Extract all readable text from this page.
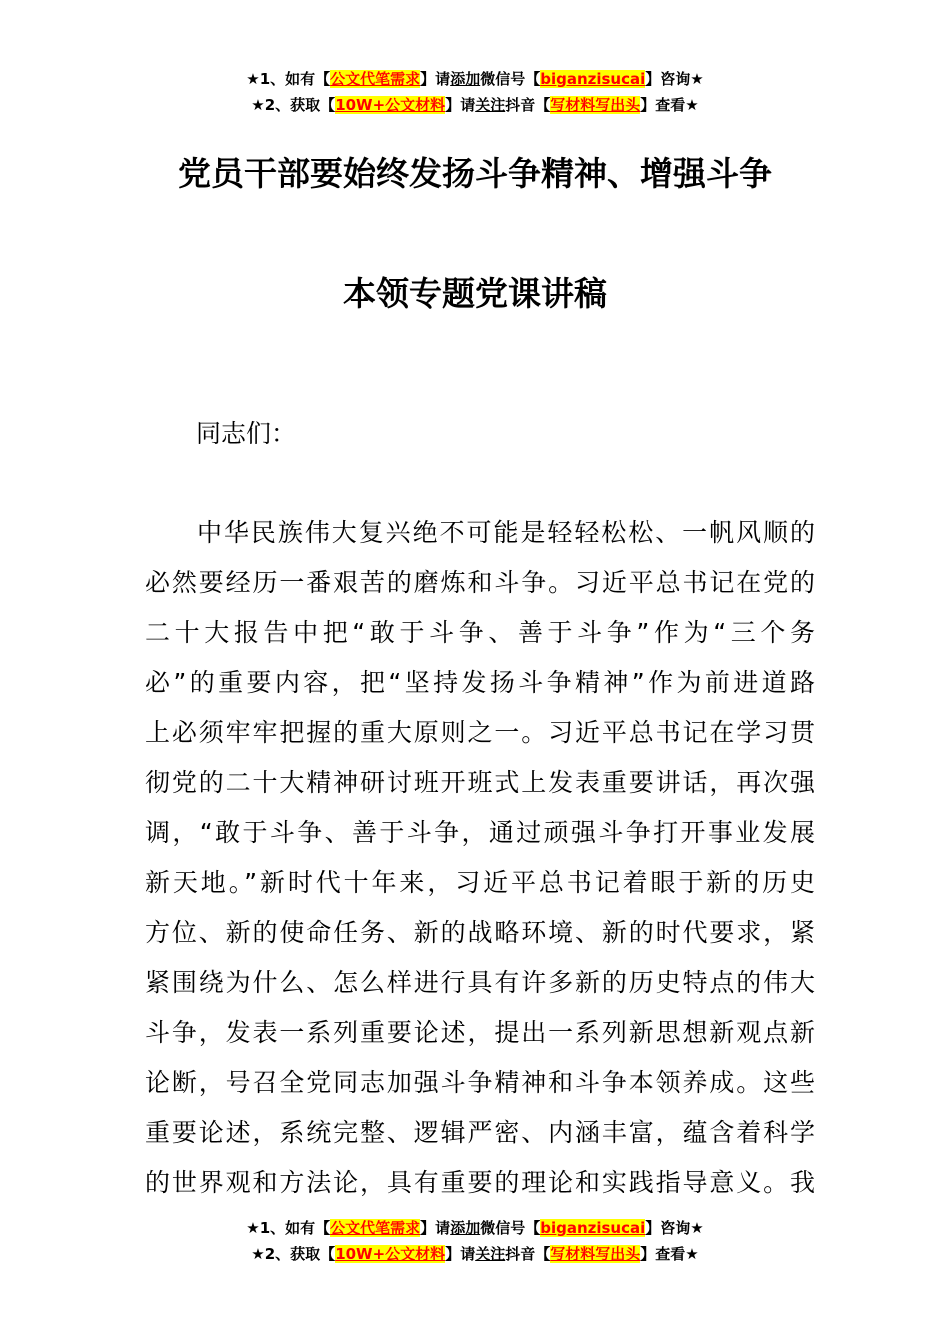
★1、如有【公文代笔需求】请添加微信号【biganzisucai】咨询★
★2、获取【10W+公文材料】请关注抖音【写材料写出头】查看★
党员干部要始终发扬斗争精神、增强斗争
本领专题党课讲稿
同志们：
中华民族伟大复兴绝不可能是轻轻松松、一帆风顺的
必然要经历一番艰苦的磨炼和斗争。习近平总书记在党的
二十大报告中把“敢于斗争、善于斗争”作为“三个务
必”的重要内容，把“坚持发扬斗争精神”作为前进道路
上必须牢牢把握的重大原则之一。习近平总书记在学习贯
彻党的二十大精神研讨班开班式上发表重要讲话，再次强
调，“敢于斗争、善于斗争，通过顽强斗争打开事业发展
新天地。”新时代十年来，习近平总书记着眼于新的历史
方位、新的使命任务、新的战略环境、新的时代要求，紧
紧围绕为什么、怎么样进行具有许多新的历史特点的伟大
斗争，发表一系列重要论述，提出一系列新思想新观点新
论断，号召全党同志加强斗争精神和斗争本领养成。这些
重要论述，系统完整、逻辑严密、内涵丰富，蕴含着科学
的世界观和方法论，具有重要的理论和实践指导意义。我
★1、如有【公文代笔需求】请添加微信号【biganzisucai】咨询★
★2、获取【10W+公文材料】请关注抖音【写材料写出头】查看★
